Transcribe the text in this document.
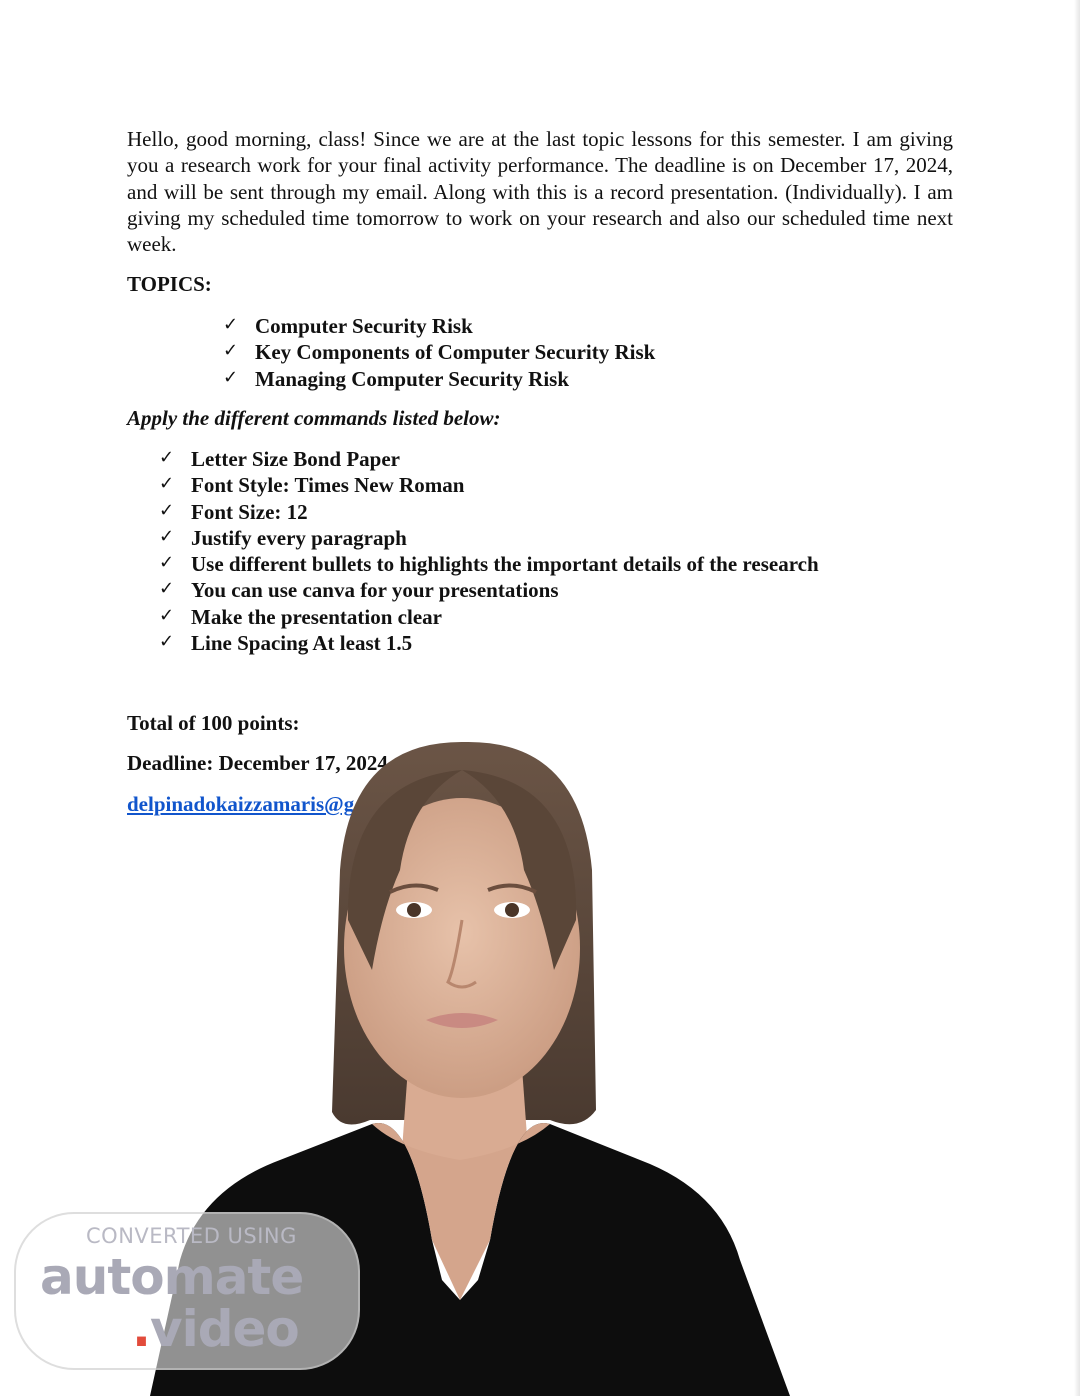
Hello, good morning, class! Since we are at the last topic lessons for this semester. I am giving you a research work for your final activity performance. The deadline is on December 17, 2024, and will be sent through my email. Along with this is a record presentation. (Individually). I am giving my scheduled time tomorrow to work on your research and also our scheduled time next week.

TOPICS:

✓ Computer Security Risk
✓ Key Components of Computer Security Risk
✓ Managing Computer Security Risk

Apply the different commands listed below:

✓ Letter Size Bond Paper
✓ Font Style: Times New Roman
✓ Font Size: 12
✓ Justify every paragraph
✓ Use different bullets to highlights the important details of the research
✓ You can use canva for your presentations
✓ Make the presentation clear
✓ Line Spacing At least 1.5

Total of 100 points:

Deadline: December 17, 2024

delpinadokaizzamaris@g
CONVERTED USING
automate
.video
